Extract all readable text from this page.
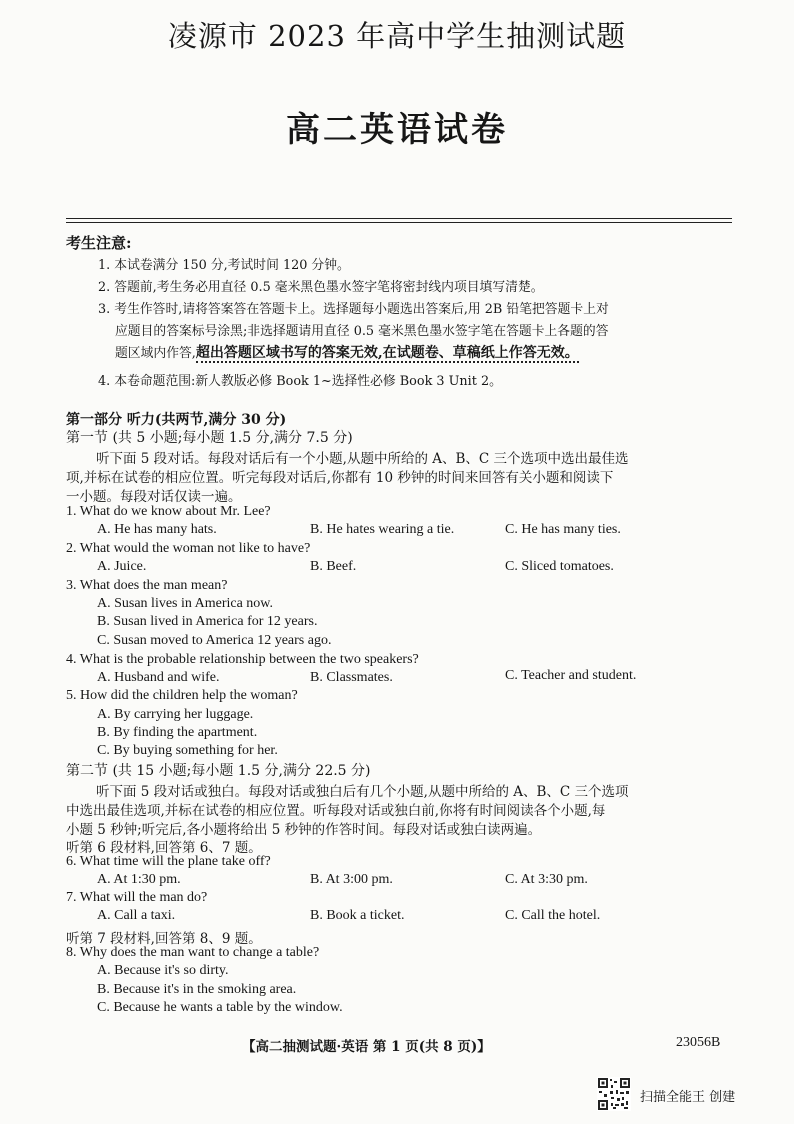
凌源市 2023 年高中学生抽测试题
高二英语试卷
考生注意:
1. 本试卷满分 150 分,考试时间 120 分钟。
2. 答题前,考生务必用直径 0.5 毫米黑色墨水签字笔将密封线内项目填写清楚。
3. 考生作答时,请将答案答在答题卡上。选择题每小题选出答案后,用 2B 铅笔把答题卡上对
应题目的答案标号涂黑;非选择题请用直径 0.5 毫米黑色墨水签字笔在答题卡上各题的答
题区域内作答,超出答题区域书写的答案无效,在试题卷、草稿纸上作答无效。
4. 本卷命题范围:新人教版必修 Book 1~选择性必修 Book 3 Unit 2。
第一部分 听力(共两节,满分 30 分)
第一节 (共 5 小题;每小题 1.5 分,满分 7.5 分)
听下面 5 段对话。每段对话后有一个小题,从题中所给的 A、B、C 三个选项中选出最佳选
项,并标在试卷的相应位置。听完每段对话后,你都有 10 秒钟的时间来回答有关小题和阅读下
一小题。每段对话仅读一遍。
1. What do we know about Mr. Lee?
A. He has many hats.	B. He hates wearing a tie.	C. He has many ties.
2. What would the woman not like to have?
A. Juice.	B. Beef.	C. Sliced tomatoes.
3. What does the man mean?
A. Susan lives in America now.
B. Susan lived in America for 12 years.
C. Susan moved to America 12 years ago.
4. What is the probable relationship between the two speakers?
A. Husband and wife.	B. Classmates.	C. Teacher and student.
5. How did the children help the woman?
A. By carrying her luggage.
B. By finding the apartment.
C. By buying something for her.
第二节 (共 15 小题;每小题 1.5 分,满分 22.5 分)
听下面 5 段对话或独白。每段对话或独白后有几个小题,从题中所给的 A、B、C 三个选项
中选出最佳选项,并标在试卷的相应位置。听每段对话或独白前,你将有时间阅读各个小题,每
小题 5 秒钟;听完后,各小题将给出 5 秒钟的作答时间。每段对话或独白读两遍。
听第 6 段材料,回答第 6、7 题。
6. What time will the plane take off?
A. At 1:30 pm.	B. At 3:00 pm.	C. At 3:30 pm.
7. What will the man do?
A. Call a taxi.	B. Book a ticket.	C. Call the hotel.
听第 7 段材料,回答第 8、9 题。
8. Why does the man want to change a table?
A. Because it's so dirty.
B. Because it's in the smoking area.
C. Because he wants a table by the window.
【高二抽测试题·英语 第 1 页(共 8 页)】	23056B
扫描全能王 创建
